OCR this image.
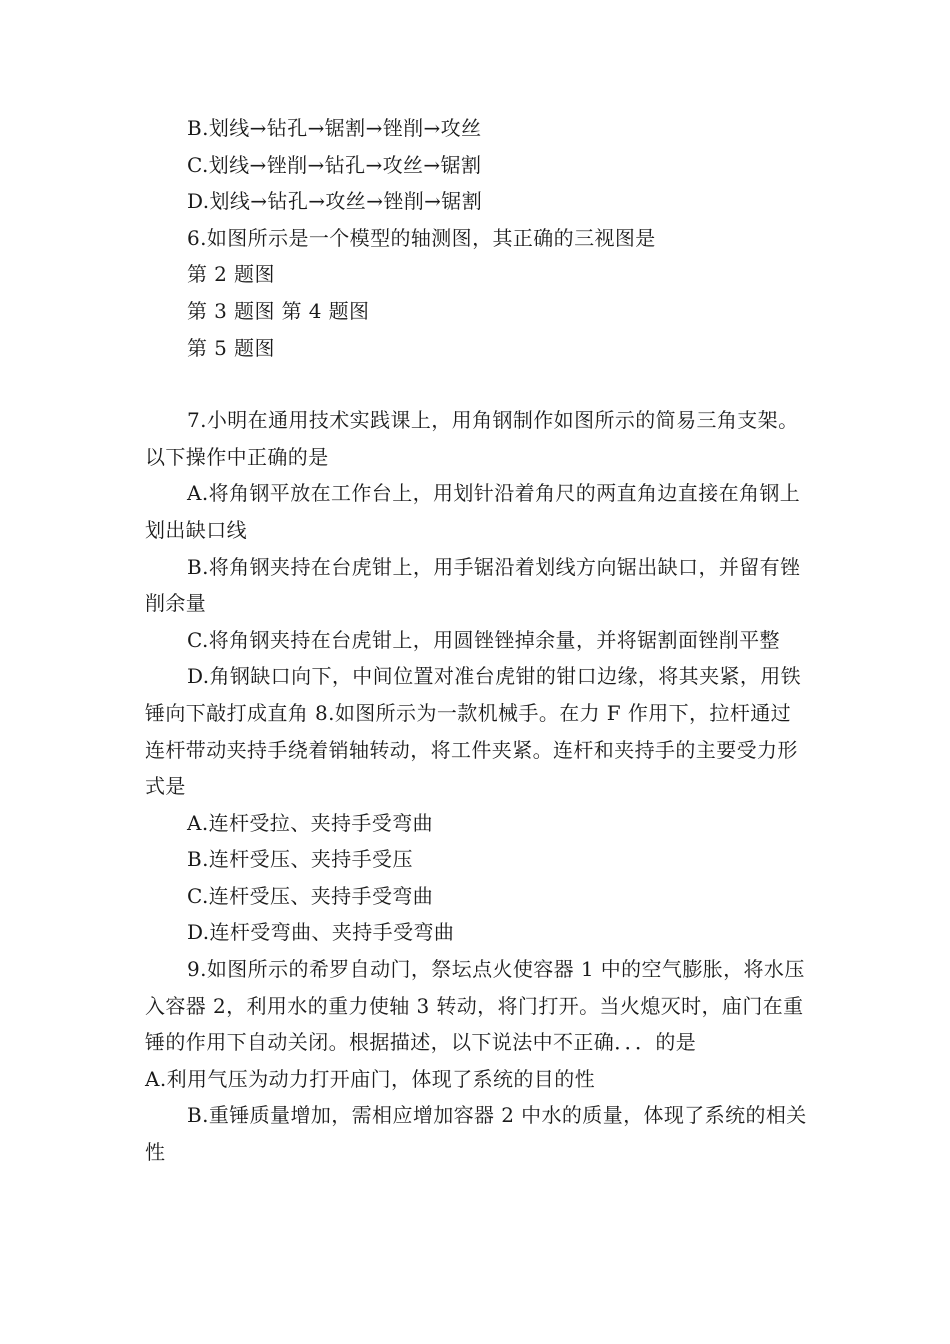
B.划线→钻孔→锯割→锉削→攻丝

C.划线→锉削→钻孔→攻丝→锯割

D.划线→钻孔→攻丝→锉削→锯割

6.如图所示是一个模型的轴测图，其正确的三视图是

第 2 题图

第 3 题图 第 4 题图

第 5 题图

7.小明在通用技术实践课上，用角钢制作如图所示的简易三角支架。以下操作中正确的是

A.将角钢平放在工作台上，用划针沿着角尺的两直角边直接在角钢上划出缺口线

B.将角钢夹持在台虎钳上，用手锯沿着划线方向锯出缺口，并留有锉削余量

C.将角钢夹持在台虎钳上，用圆锉锉掉余量，并将锯割面锉削平整

D.角钢缺口向下，中间位置对准台虎钳的钳口边缘，将其夹紧，用铁锤向下敲打成直角 8.如图所示为一款机械手。在力 F 作用下，拉杆通过连杆带动夹持手绕着销轴转动，将工件夹紧。连杆和夹持手的主要受力形式是

A.连杆受拉、夹持手受弯曲

B.连杆受压、夹持手受压

C.连杆受压、夹持手受弯曲

D.连杆受弯曲、夹持手受弯曲

9.如图所示的希罗自动门，祭坛点火使容器 1 中的空气膨胀，将水压入容器 2，利用水的重力使轴 3 转动，将门打开。当火熄灭时，庙门在重锤的作用下自动关闭。根据描述，以下说法中不正确．．．的是

A.利用气压为动力打开庙门，体现了系统的目的性

B.重锤质量增加，需相应增加容器 2 中水的质量，体现了系统的相关性
